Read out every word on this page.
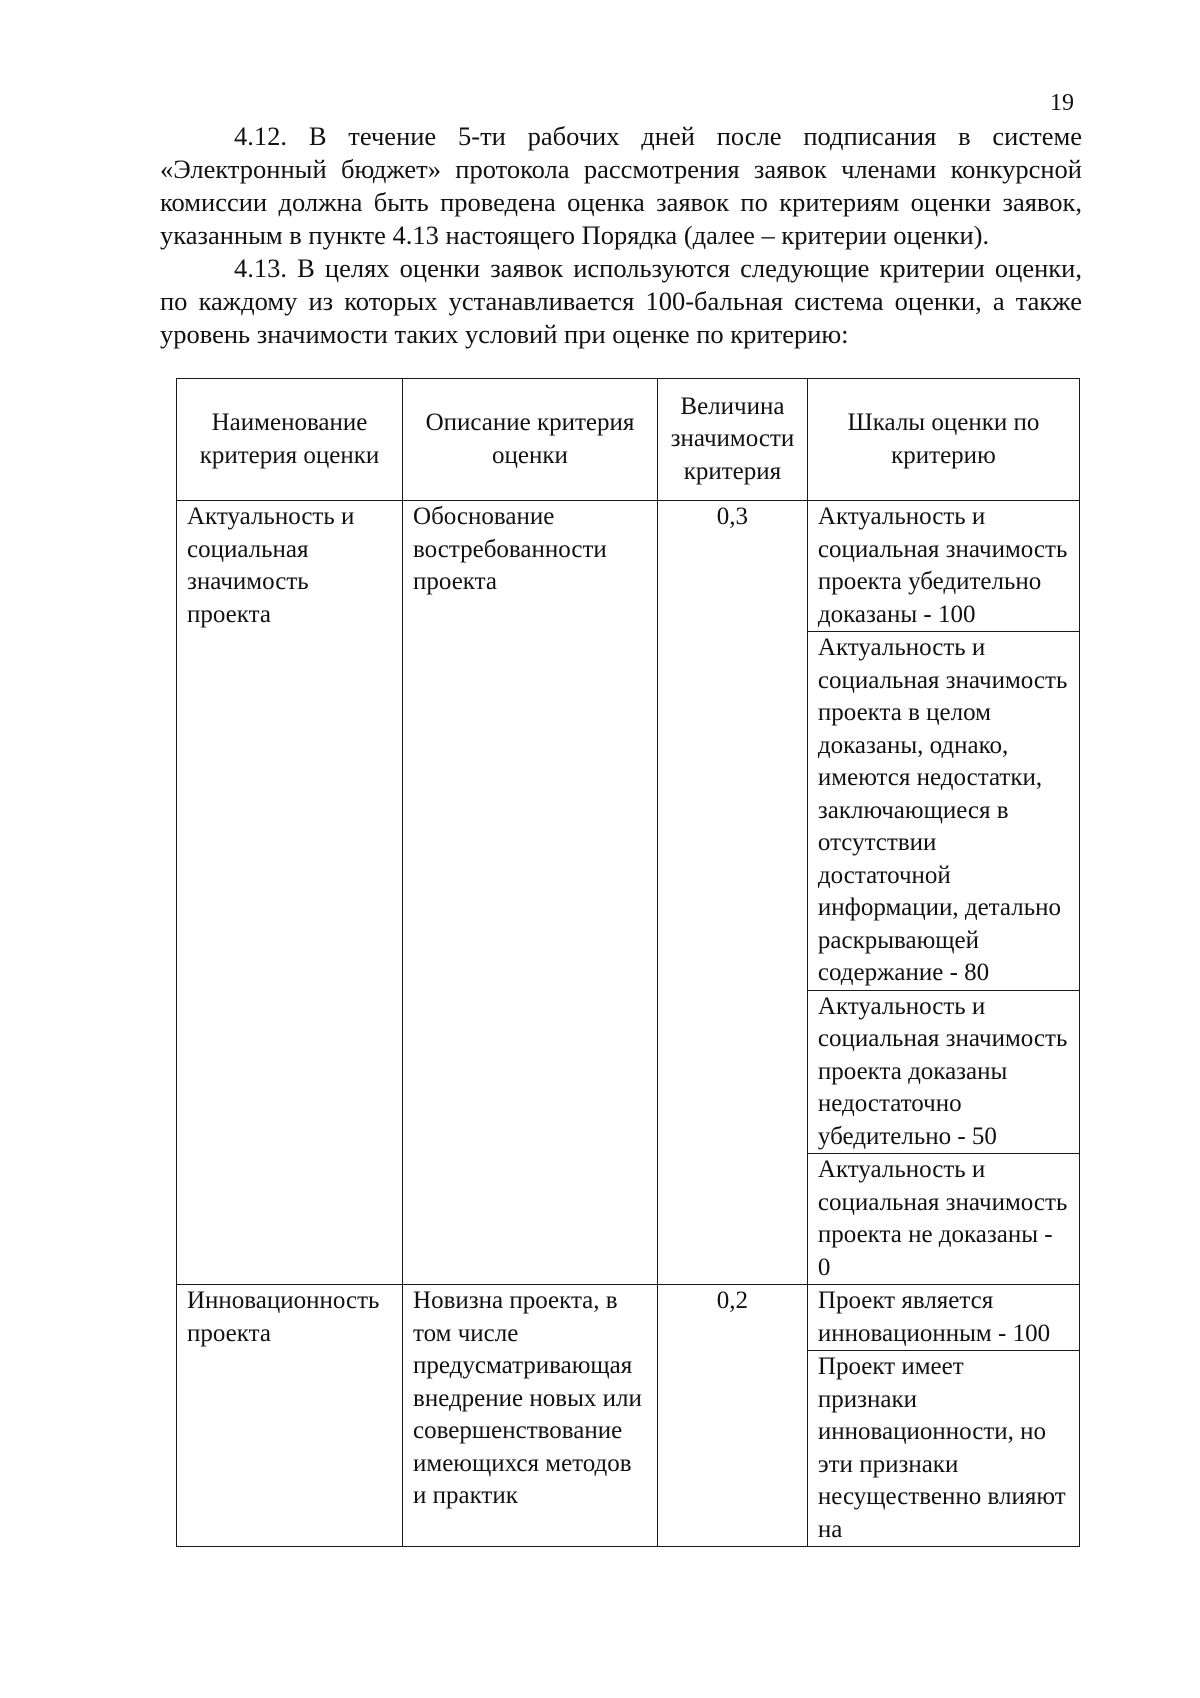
19

4.12. В течение 5-ти рабочих дней после подписания в системе «Электронный бюджет» протокола рассмотрения заявок членами конкурсной комиссии должна быть проведена оценка заявок по критериям оценки заявок, указанным в пункте 4.13 настоящего Порядка (далее – критерии оценки).

4.13. В целях оценки заявок используются следующие критерии оценки, по каждому из которых устанавливается 100-бальная система оценки, а также уровень значимости таких условий при оценке по критерию:

Наименование критерия оценки	Описание критерия оценки	Величина значимости критерия	Шкалы оценки по критерию
Актуальность и социальная значимость проекта	Обоснование востребованности проекта	0,3	Актуальность и социальная значимость проекта убедительно доказаны - 100
			Актуальность и социальная значимость проекта в целом доказаны, однако, имеются недостатки, заключающиеся в отсутствии достаточной информации, детально раскрывающей содержание - 80
			Актуальность и социальная значимость проекта доказаны недостаточно убедительно - 50
			Актуальность и социальная значимость проекта не доказаны - 0
Инновационность проекта	Новизна проекта, в том числе предусматривающая внедрение новых или совершенствование имеющихся методов и практик	0,2	Проект является инновационным - 100
			Проект имеет признаки инновационности, но эти признаки несущественно влияют на
